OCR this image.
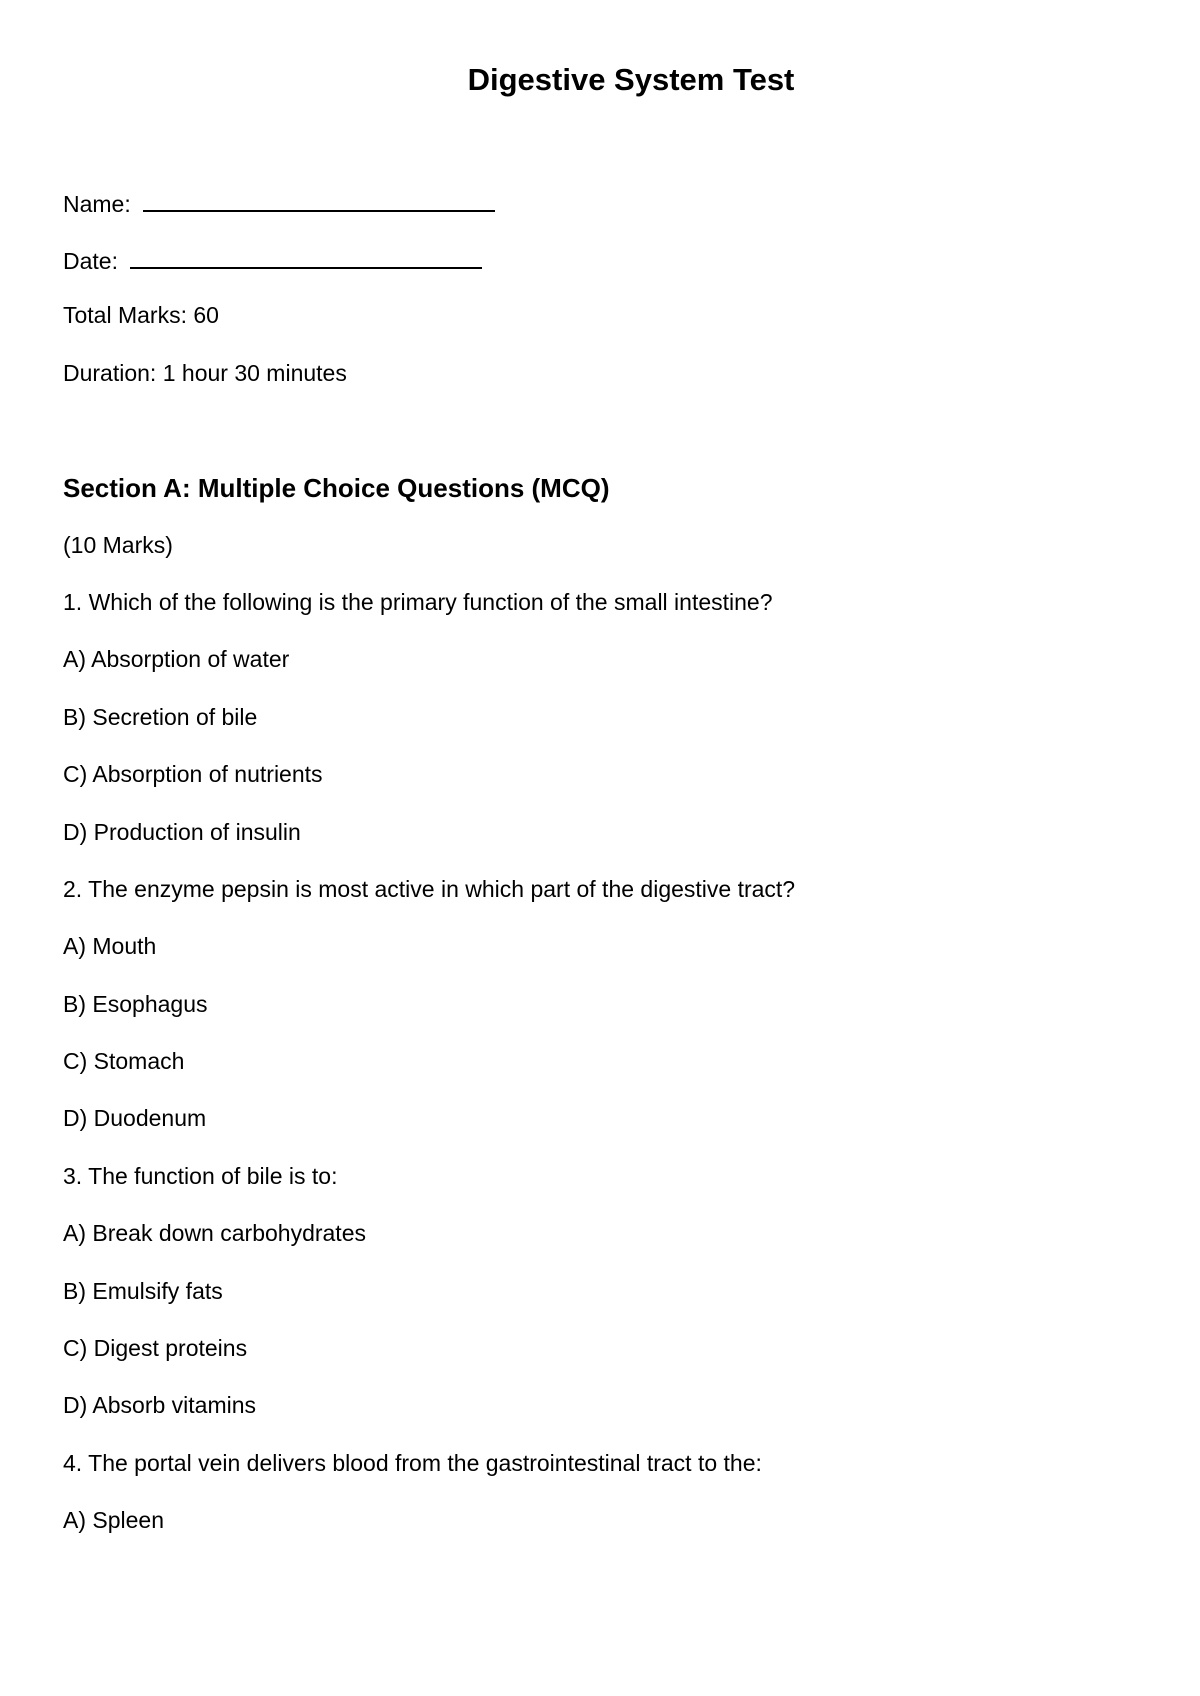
Digestive System Test
Name:
Date:
Total Marks: 60
Duration: 1 hour 30 minutes
Section A: Multiple Choice Questions (MCQ)
(10 Marks)
1. Which of the following is the primary function of the small intestine?
A) Absorption of water
B) Secretion of bile
C) Absorption of nutrients
D) Production of insulin
2. The enzyme pepsin is most active in which part of the digestive tract?
A) Mouth
B) Esophagus
C) Stomach
D) Duodenum
3. The function of bile is to:
A) Break down carbohydrates
B) Emulsify fats
C) Digest proteins
D) Absorb vitamins
4. The portal vein delivers blood from the gastrointestinal tract to the:
A) Spleen
